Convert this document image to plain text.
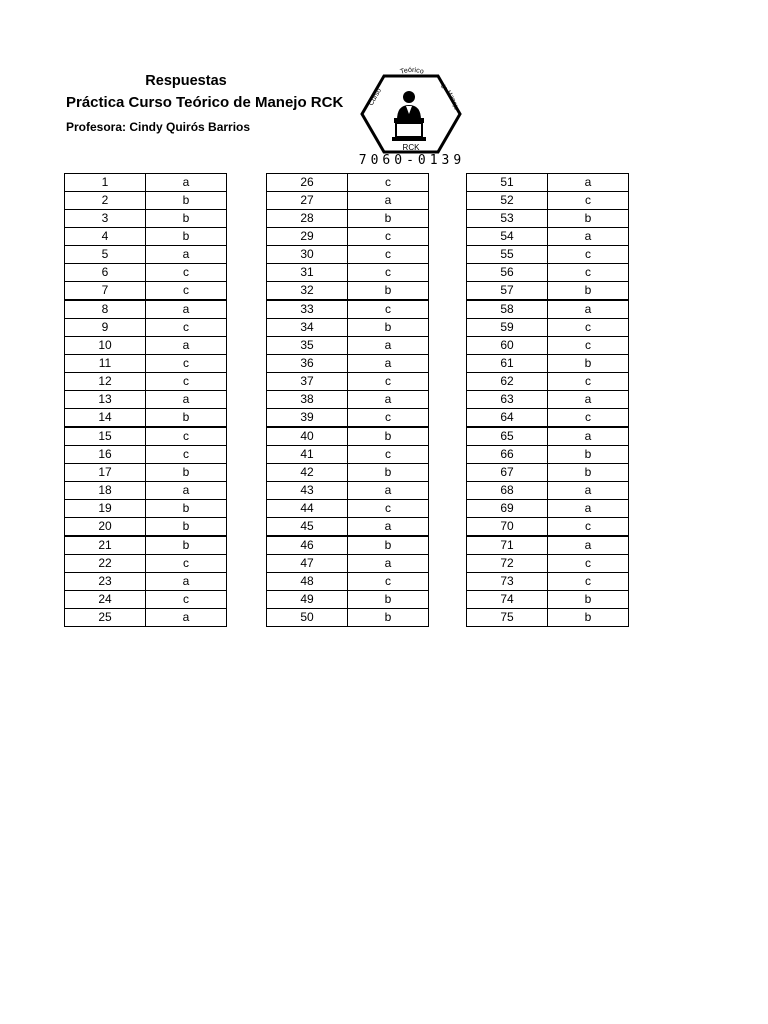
Respuestas
Práctica Curso Teórico de Manejo RCK
Profesora: Cindy Quirós Barrios
Teórico
Curso
de Manejo
RCK
7060-0139
1	a
2	b
3	b
4	b
5	a
6	c
7	c
8	a
9	c
10	a
11	c
12	c
13	a
14	b
15	c
16	c
17	b
18	a
19	b
20	b
21	b
22	c
23	a
24	c
25	a
26	c
27	a
28	b
29	c
30	c
31	c
32	b
33	c
34	b
35	a
36	a
37	c
38	a
39	c
40	b
41	c
42	b
43	a
44	c
45	a
46	b
47	a
48	c
49	b
50	b
51	a
52	c
53	b
54	a
55	c
56	c
57	b
58	a
59	c
60	c
61	b
62	c
63	a
64	c
65	a
66	b
67	b
68	a
69	a
70	c
71	a
72	c
73	c
74	b
75	b
